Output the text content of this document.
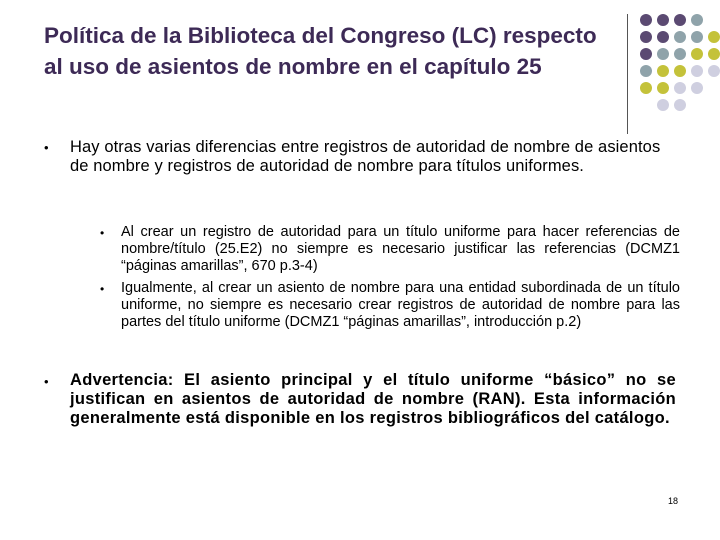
Política de la Biblioteca del Congreso (LC) respecto al uso de asientos de nombre en el capítulo 25
• Hay otras varias diferencias entre registros de autoridad de nombre de asientos de nombre y registros de autoridad de nombre para títulos uniformes.
• Al crear un registro de autoridad para un título uniforme para hacer referencias de nombre/título (25.E2) no siempre es necesario justificar las referencias (DCMZ1 “páginas amarillas”, 670 p.3-4)
• Igualmente, al crear un asiento de nombre para una entidad subordinada de un título uniforme, no siempre es necesario crear registros de autoridad de nombre para las partes del título uniforme (DCMZ1 “páginas amarillas”, introducción p.2)
• Advertencia: El asiento principal y el título uniforme “básico” no se justifican en asientos de autoridad de nombre (RAN). Esta información generalmente está disponible en los registros bibliográficos del catálogo.
18
